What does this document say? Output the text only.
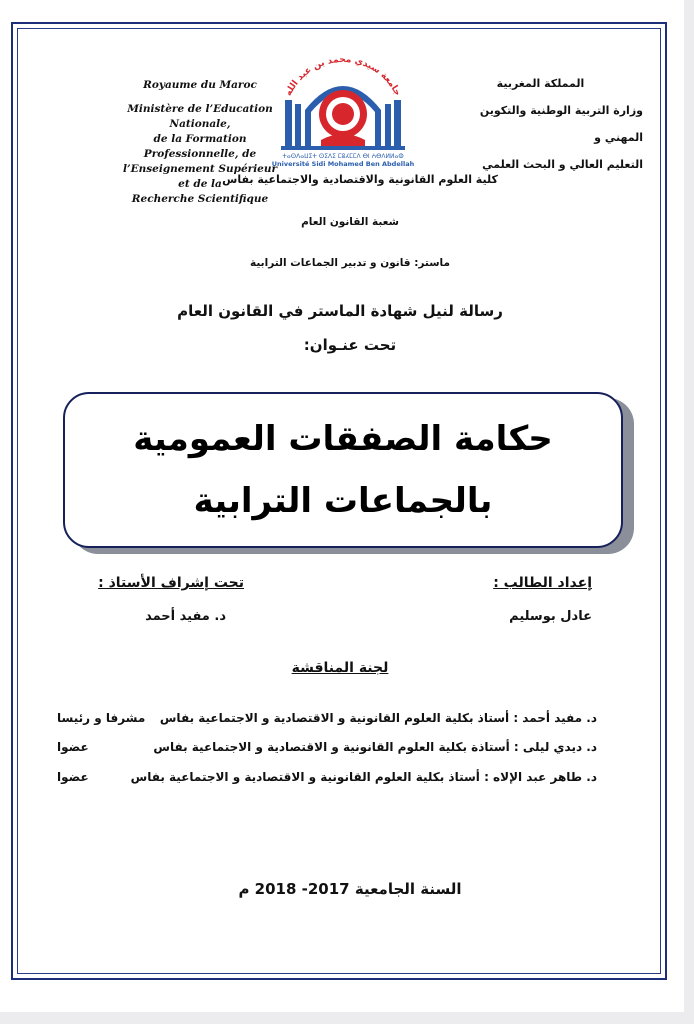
Royaume du Maroc
Ministère de l’Education Nationale,
de la Formation Professionnelle, de
l’Enseignement Supérieur et de la
Recherche Scientifique
جامعة سيدي محمد بن عبد الله
ⵜⴰⵙⴷⴰⵡⵉⵜ ⵙⵉⴷⵉ ⵎⵓⵃⵎⵎⴷ ⴱⵏ ⵄⴱⴷⵍⵍⴰⵀ
Université Sidi Mohamed Ben Abdellah
المملكة المغربية
وزارة التربية الوطنية والتكوين المهني و
التعليم العالي و البحث العلمي
كلية العلوم القانونية والاقتصادية والاجتماعية بفاس
شعبة القانون العام
ماستر: قانون و تدبير الجماعات الترابية
رسالة لنيل شهادة الماستر في القانون العام
تحت عنـوان:
حكامة الصفقات العمومية
بالجماعات الترابية
إعداد الطالب :
عادل بوسليم
تحت إشراف الأستاذ :
د. مفيد أحمد
لجنة المناقشة
د. مفيد أحمد : أستاذ بكلية العلوم القانونية و الاقتصادية و الاجتماعية بفاس
مشرفا و رئيسا
د. ديدي ليلى : أستاذة بكلية العلوم القانونية و الاقتصادية و الاجتماعية بفاس
عضوا
د. طاهر عبد الإلاه : أستاذ بكلية العلوم القانونية و الاقتصادية و الاجتماعية بفاس
عضوا
السنة الجامعية 2017- 2018 م
